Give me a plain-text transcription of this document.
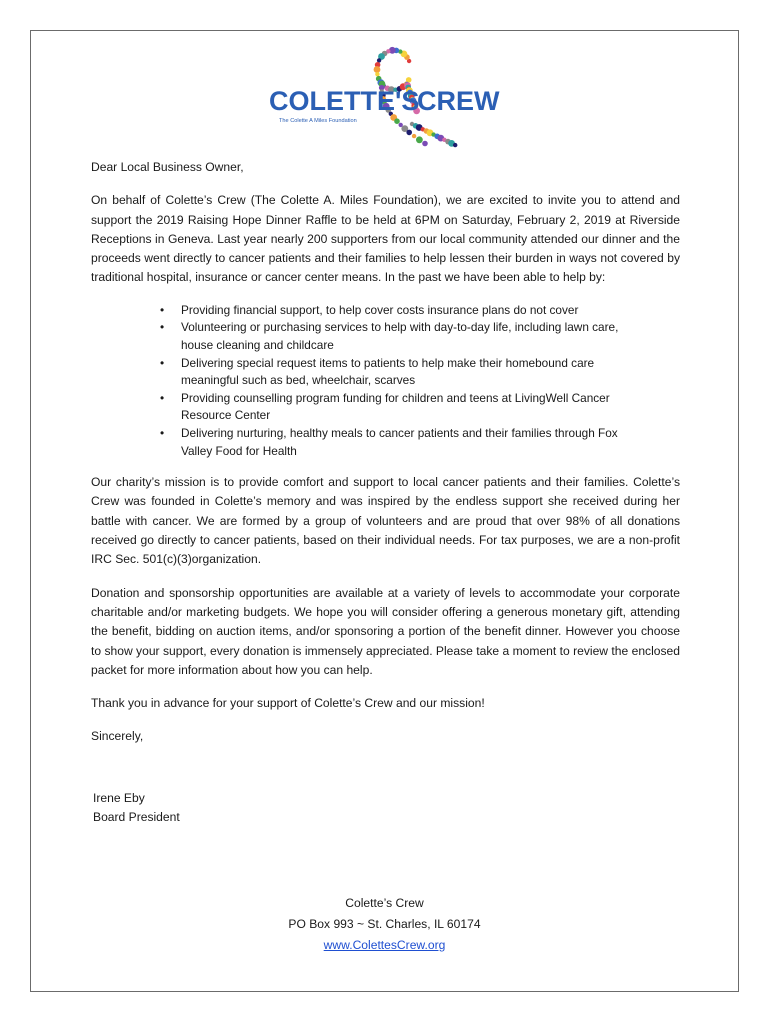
COLETTE'S
CREW
The Colette A Miles Foundation

Dear Local Business Owner,

On behalf of Colette’s Crew (The Colette A. Miles Foundation), we are excited to invite you to attend and support the 2019 Raising Hope Dinner Raffle to be held at 6PM on Saturday, February 2, 2019 at Riverside Receptions in Geneva. Last year nearly 200 supporters from our local community attended our dinner and the proceeds went directly to cancer patients and their families to help lessen their burden in ways not covered by traditional hospital, insurance or cancer center means. In the past we have been able to help by:

• Providing financial support, to help cover costs insurance plans do not cover
• Volunteering or purchasing services to help with day-to-day life, including lawn care, house cleaning and childcare
• Delivering special request items to patients to help make their homebound care meaningful such as bed, wheelchair, scarves
• Providing counselling program funding for children and teens at LivingWell Cancer Resource Center
• Delivering nurturing, healthy meals to cancer patients and their families through Fox Valley Food for Health

Our charity’s mission is to provide comfort and support to local cancer patients and their families. Colette’s Crew was founded in Colette’s memory and was inspired by the endless support she received during her battle with cancer. We are formed by a group of volunteers and are proud that over 98% of all donations received go directly to cancer patients, based on their individual needs. For tax purposes, we are a non-profit IRC Sec. 501(c)(3)organization.

Donation and sponsorship opportunities are available at a variety of levels to accommodate your corporate charitable and/or marketing budgets. We hope you will consider offering a generous monetary gift, attending the benefit, bidding on auction items, and/or sponsoring a portion of the benefit dinner. However you choose to show your support, every donation is immensely appreciated. Please take a moment to review the enclosed packet for more information about how you can help.

Thank you in advance for your support of Colette’s Crew and our mission!

Sincerely,

Irene Eby
Board President
Colette’s Crew
PO Box 993 ~ St. Charles, IL 60174
www.ColettesCrew.org
